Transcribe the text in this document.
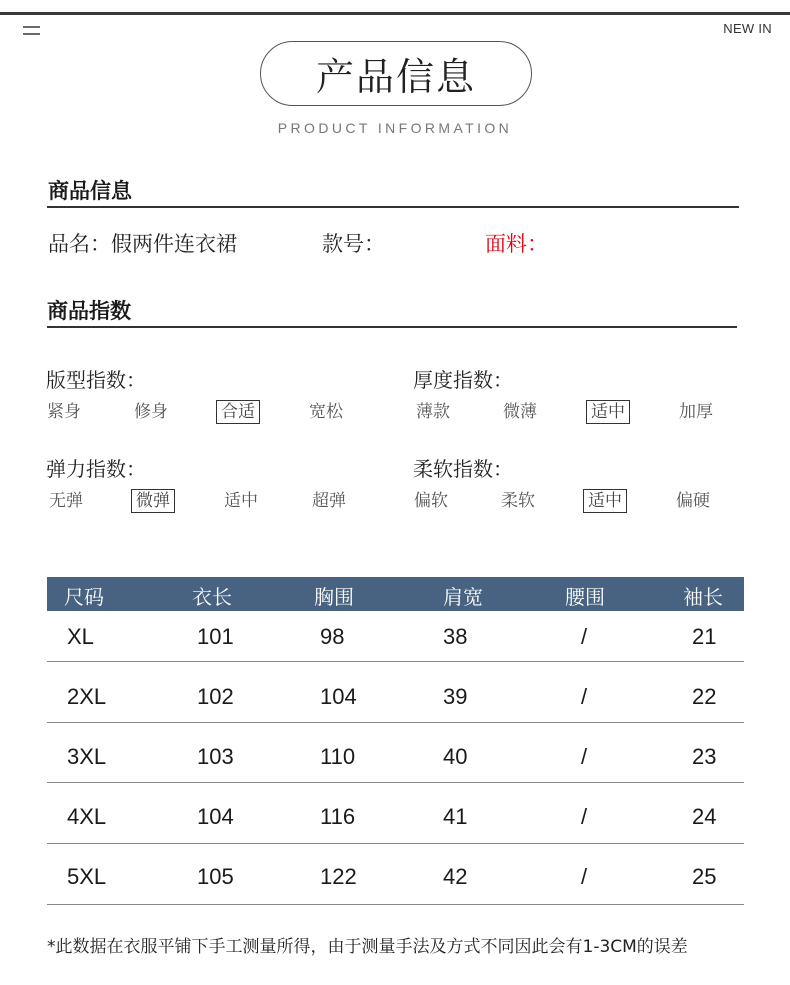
NEW IN
产品信息
PRODUCT INFORMATION
商品信息
品名：假两件连衣裙	款号：	面料：
商品指数
版型指数：
紧身	修身	合适	宽松
厚度指数：
薄款	微薄	适中	加厚
弹力指数：
无弹	微弹	适中	超弹
柔软指数：
偏软	柔软	适中	偏硬
尺码	衣长	胸围	肩宽	腰围	袖长
XL	101	98	38	/	21
2XL	102	104	39	/	22
3XL	103	110	40	/	23
4XL	104	116	41	/	24
5XL	105	122	42	/	25
*此数据在衣服平铺下手工测量所得，由于测量手法及方式不同因此会有1-3CM的误差
